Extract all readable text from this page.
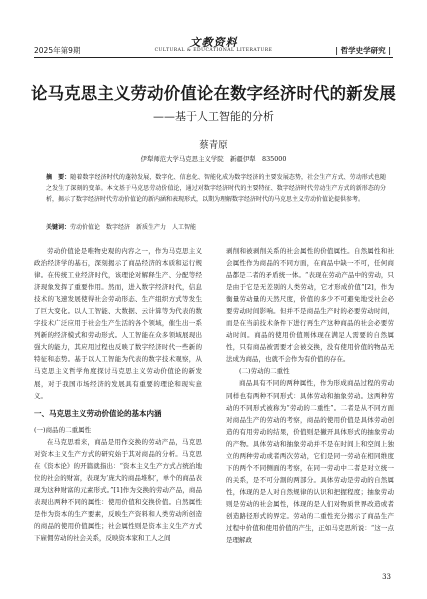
2025年第9期
文教资料
CULTURAL & EDUCATIONAL LITERATURE	| 哲学史学研究 |
论马克思主义劳动价值论在数字经济时代的新发展
——基于人工智能的分析
蔡青原
伊犁师范大学马克思主义学院　新疆伊犁　835000
摘　要：随着数字经济时代的蓬勃发展，数字化、信息化、智能化成为数字经济的主要发展态势，社会生产方式、劳动形式也随之发生了深刻的变革。本文基于马克思劳动价值论，通过对数字经济时代的主要特征、数字经济时代劳动生产方式的新形态的分析，揭示了数字经济时代劳动价值论的新内涵和表现形式，以期为理解数字经济时代的马克思主义劳动价值论提供参考。
关键词：劳动价值论　数字经济　新质生产力　人工智能

劳动价值论是唯物史观的内容之一，作为马克思主义政治经济学的基石，深刻揭示了商品经济的本质和运行规律。在传统工业经济时代，该理论对解释生产、分配等经济现象发挥了重要作用。然而，进入数字经济时代，信息技术的飞速发展使得社会劳动形态、生产组织方式等发生了巨大变化。以人工智能、大数据、云计算等为代表的数字技术广泛应用于社会生产生活的各个领域，催生出一系列新的经济模式和劳动形式。人工智能在众多领域展现出强大的能力，其应用过程也反映了数字经济时代一些新的特征和态势。基于以人工智能为代表的数字技术观察，从马克思主义哲学角度探讨马克思主义劳动价值论的新发展，对于我国市场经济的发展具有重要的理论和现实意义。

一、马克思主义劳动价值论的基本内涵
(一)商品的二重属性

在马克思看来，商品是用作交换的劳动产品，马克思对资本主义生产方式的研究始于其对商品的分析。马克思在《资本论》的开篇就指出：“资本主义生产方式占统治地位的社会的财富，表现为‘庞大的商品堆积’，单个的商品表现为这种财富的元素形式。”[1]作为交换的劳动产品，商品表现出两种不同的属性：使用价值和交换价值。自然属性是作为资本的生产要素，反映生产资料和人类劳动所创造的商品的使用价值属性；社会属性则是资本主义生产方式下雇佣劳动的社会关系，反映资本家和工人之间

剥削和被剥削关系的社会属性的价值属性。自然属性和社会属性作为商品的不同方面，在商品中缺一不可，任何商品都是二者的矛盾统一体。“表现在劳动产品中的劳动，只是由于它是无差别的人类劳动，它才形成价值”[2]，作为衡量劳动量的天然尺度，价值的多少不可避免地受社会必要劳动时间影响。但并不是商品生产时的必要劳动时间，而是在当前技术条件下进行再生产这种商品的社会必要劳动时间。商品的使用价值则体现在满足人需要的自然属性，只有商品被需要才会被交换，没有使用价值的物品无法成为商品，也就不会作为有价值的存在。

(二)劳动的二重性

商品具有不同的两种属性，作为形成商品过程的劳动同样也有两种不同形式：具体劳动和抽象劳动。这两种劳动的不同形式被称为“劳动的二重性”。二者是从不同方面对商品生产的劳动的考察，商品的使用价值是具体劳动创造的有用劳动的结果，价值则是撇开具体形式的抽象劳动的产物。具体劳动和抽象劳动并不是在时间上和空间上独立的两种劳动或者两次劳动，它们是同一劳动在相同维度下的两个不同侧面的考察，在同一劳动中二者是对立统一的关系，是不可分割的两部分。具体劳动是劳动的自然属性，体现的是人对自然规律的认识和把握程度；抽象劳动则是劳动的社会属性，体现的是人们对物质世界改造或者创造路径形式的界定。劳动的二重性充分揭示了商品生产过程中价值和使用价值的产生，正如马克思所说：“这一点是理解政

33
